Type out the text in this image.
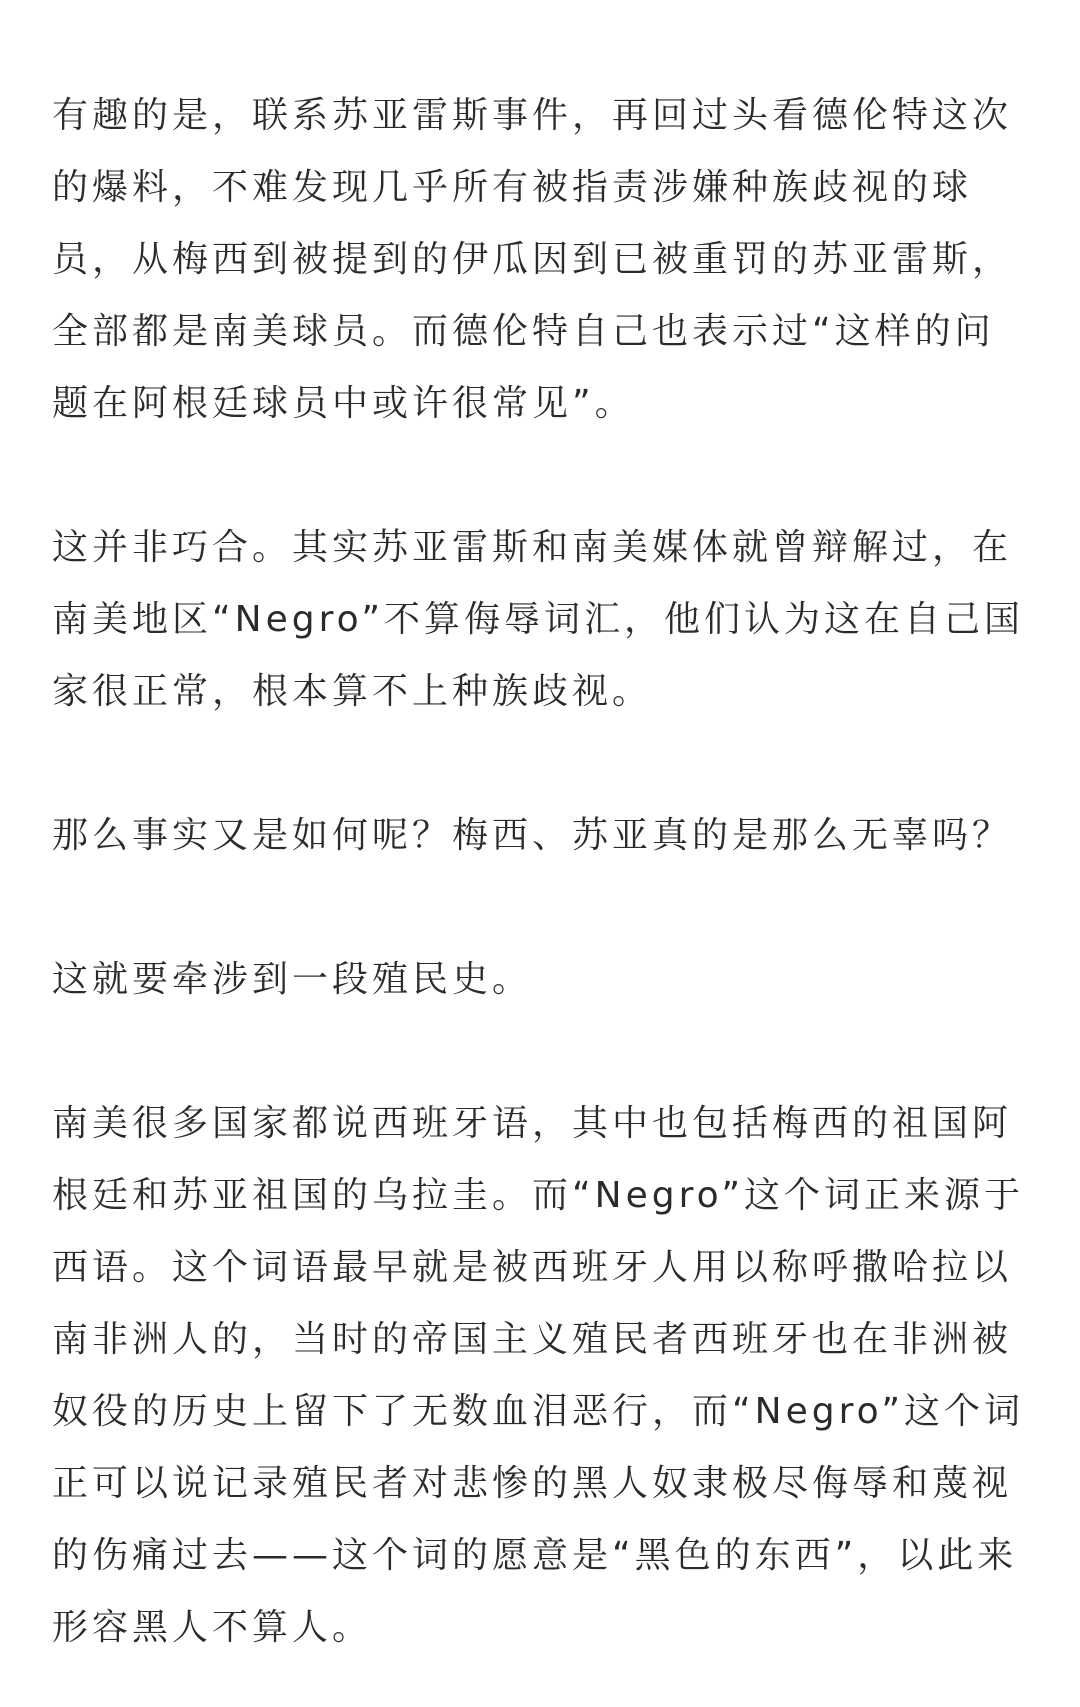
有趣的是，联系苏亚雷斯事件，再回过头看德伦特这次的爆料，不难发现几乎所有被指责涉嫌种族歧视的球员，从梅西到被提到的伊瓜因到已被重罚的苏亚雷斯，全部都是南美球员。而德伦特自己也表示过“这样的问题在阿根廷球员中或许很常见”。

这并非巧合。其实苏亚雷斯和南美媒体就曾辩解过，在南美地区“Negro”不算侮辱词汇，他们认为这在自己国家很正常，根本算不上种族歧视。

那么事实又是如何呢？梅西、苏亚真的是那么无辜吗？

这就要牵涉到一段殖民史。

南美很多国家都说西班牙语，其中也包括梅西的祖国阿根廷和苏亚祖国的乌拉圭。而“Negro”这个词正来源于西语。这个词语最早就是被西班牙人用以称呼撒哈拉以南非洲人的，当时的帝国主义殖民者西班牙也在非洲被奴役的历史上留下了无数血泪恶行，而“Negro”这个词正可以说记录殖民者对悲惨的黑人奴隶极尽侮辱和蔑视的伤痛过去——这个词的愿意是“黑色的东西”，以此来形容黑人不算人。
